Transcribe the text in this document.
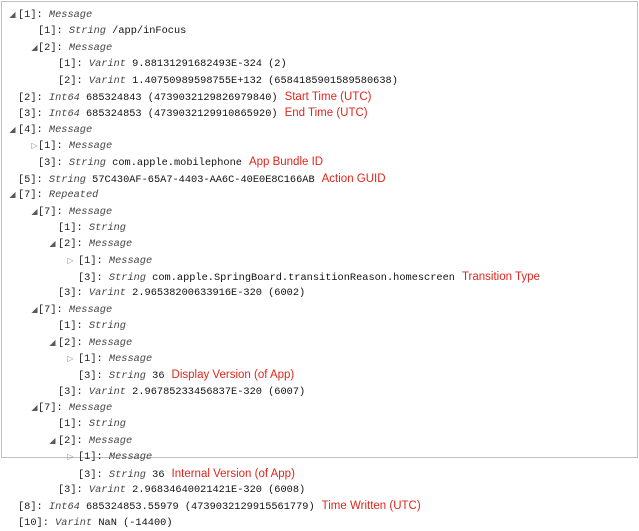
◢ [1]: Message
[1]: String /app/inFocus
◢ [2]: Message
[1]: Varint 9.88131291682493E-324 (2)
[2]: Varint 1.40750989598755E+132 (6584185901589580638)
[2]: Int64 685324843 (4739032129826979840) Start Time (UTC)
[3]: Int64 685324853 (4739032129910865920) End Time (UTC)
◢ [4]: Message
▷ [1]: Message
[3]: String com.apple.mobilephone App Bundle ID
[5]: String 57C430AF-65A7-4403-AA6C-40E0E8C166AB Action GUID
◢ [7]: Repeated
◢ [7]: Message
[1]: String
◢ [2]: Message
▷ [1]: Message
[3]: String com.apple.SpringBoard.transitionReason.homescreen Transition Type
[3]: Varint 2.96538200633916E-320 (6002)
◢ [7]: Message
[1]: String
◢ [2]: Message
▷ [1]: Message
[3]: String 36 Display Version (of App)
[3]: Varint 2.96785233456837E-320 (6007)
◢ [7]: Message
[1]: String
◢ [2]: Message
▷ [1]: Message
[3]: String 36 Internal Version (of App)
[3]: Varint 2.96834640021421E-320 (6008)
[8]: Int64 685324853.55979 (4739032129915561779) Time Written (UTC)
[10]: Varint NaN (-14400)
